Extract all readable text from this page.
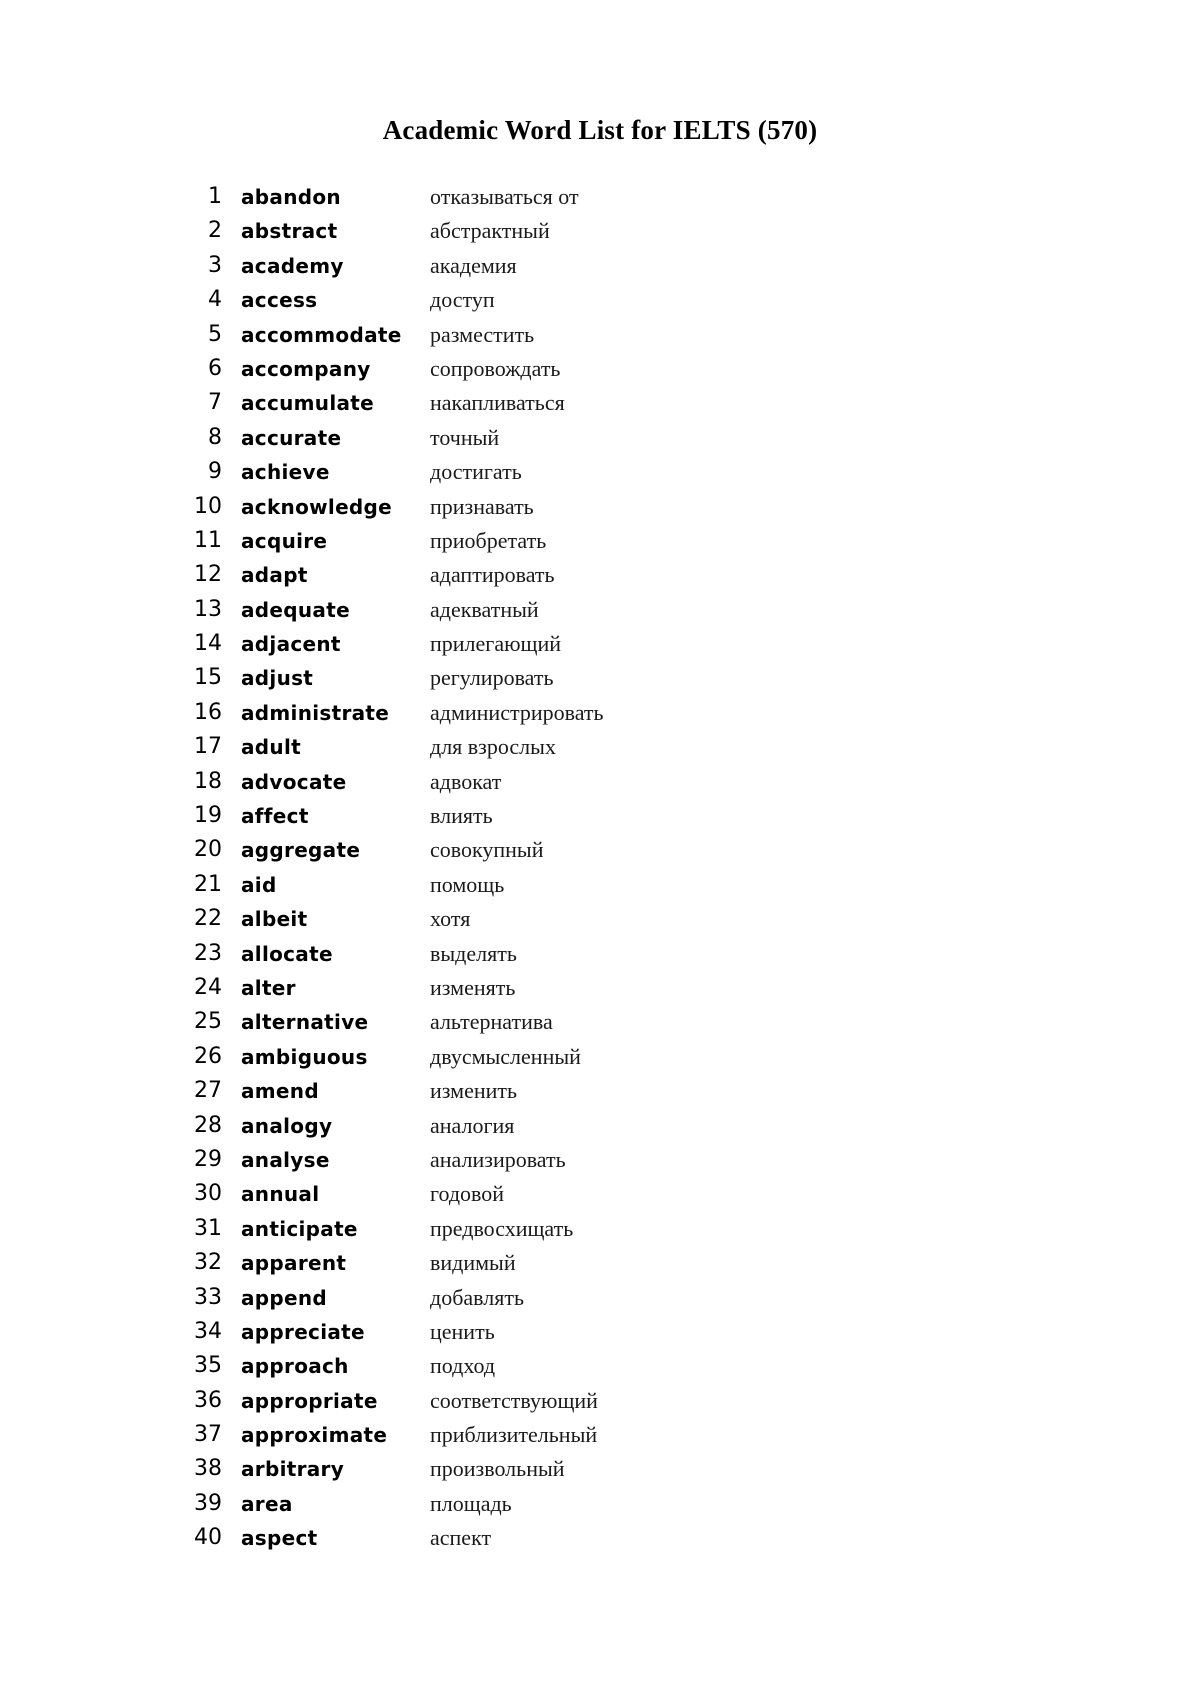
Academic Word List for IELTS (570)
1 abandon	отказываться от
2 abstract	абстрактный
3 academy	академия
4 access	доступ
5 accommodate разместить
6 accompany	сопровождать
7 accumulate	накапливаться
8 accurate	точный
9 achieve	достигать
10 acknowledge признавать
11 acquire	приобретать
12 adapt	адаптировать
13 adequate	адекватный
14 adjacent	прилегающий
15 adjust	регулировать
16 administrate администрировать
17 adult	для взрослых
18 advocate	адвокат
19 affect	влиять
20 aggregate	совокупный
21 aid	помощь
22 albeit	хотя
23 allocate	выделять
24 alter	изменять
25 alternative	альтернатива
26 ambiguous	двусмысленный
27 amend	изменить
28 analogy	аналогия
29 analyse	анализировать
30 annual	годовой
31 anticipate	предвосхищать
32 apparent	видимый
33 append	добавлять
34 appreciate	ценить
35 approach	подход
36 appropriate соответствующий
37 approximate приблизительный
38 arbitrary	произвольный
39 area	площадь
40 aspect	аспект
